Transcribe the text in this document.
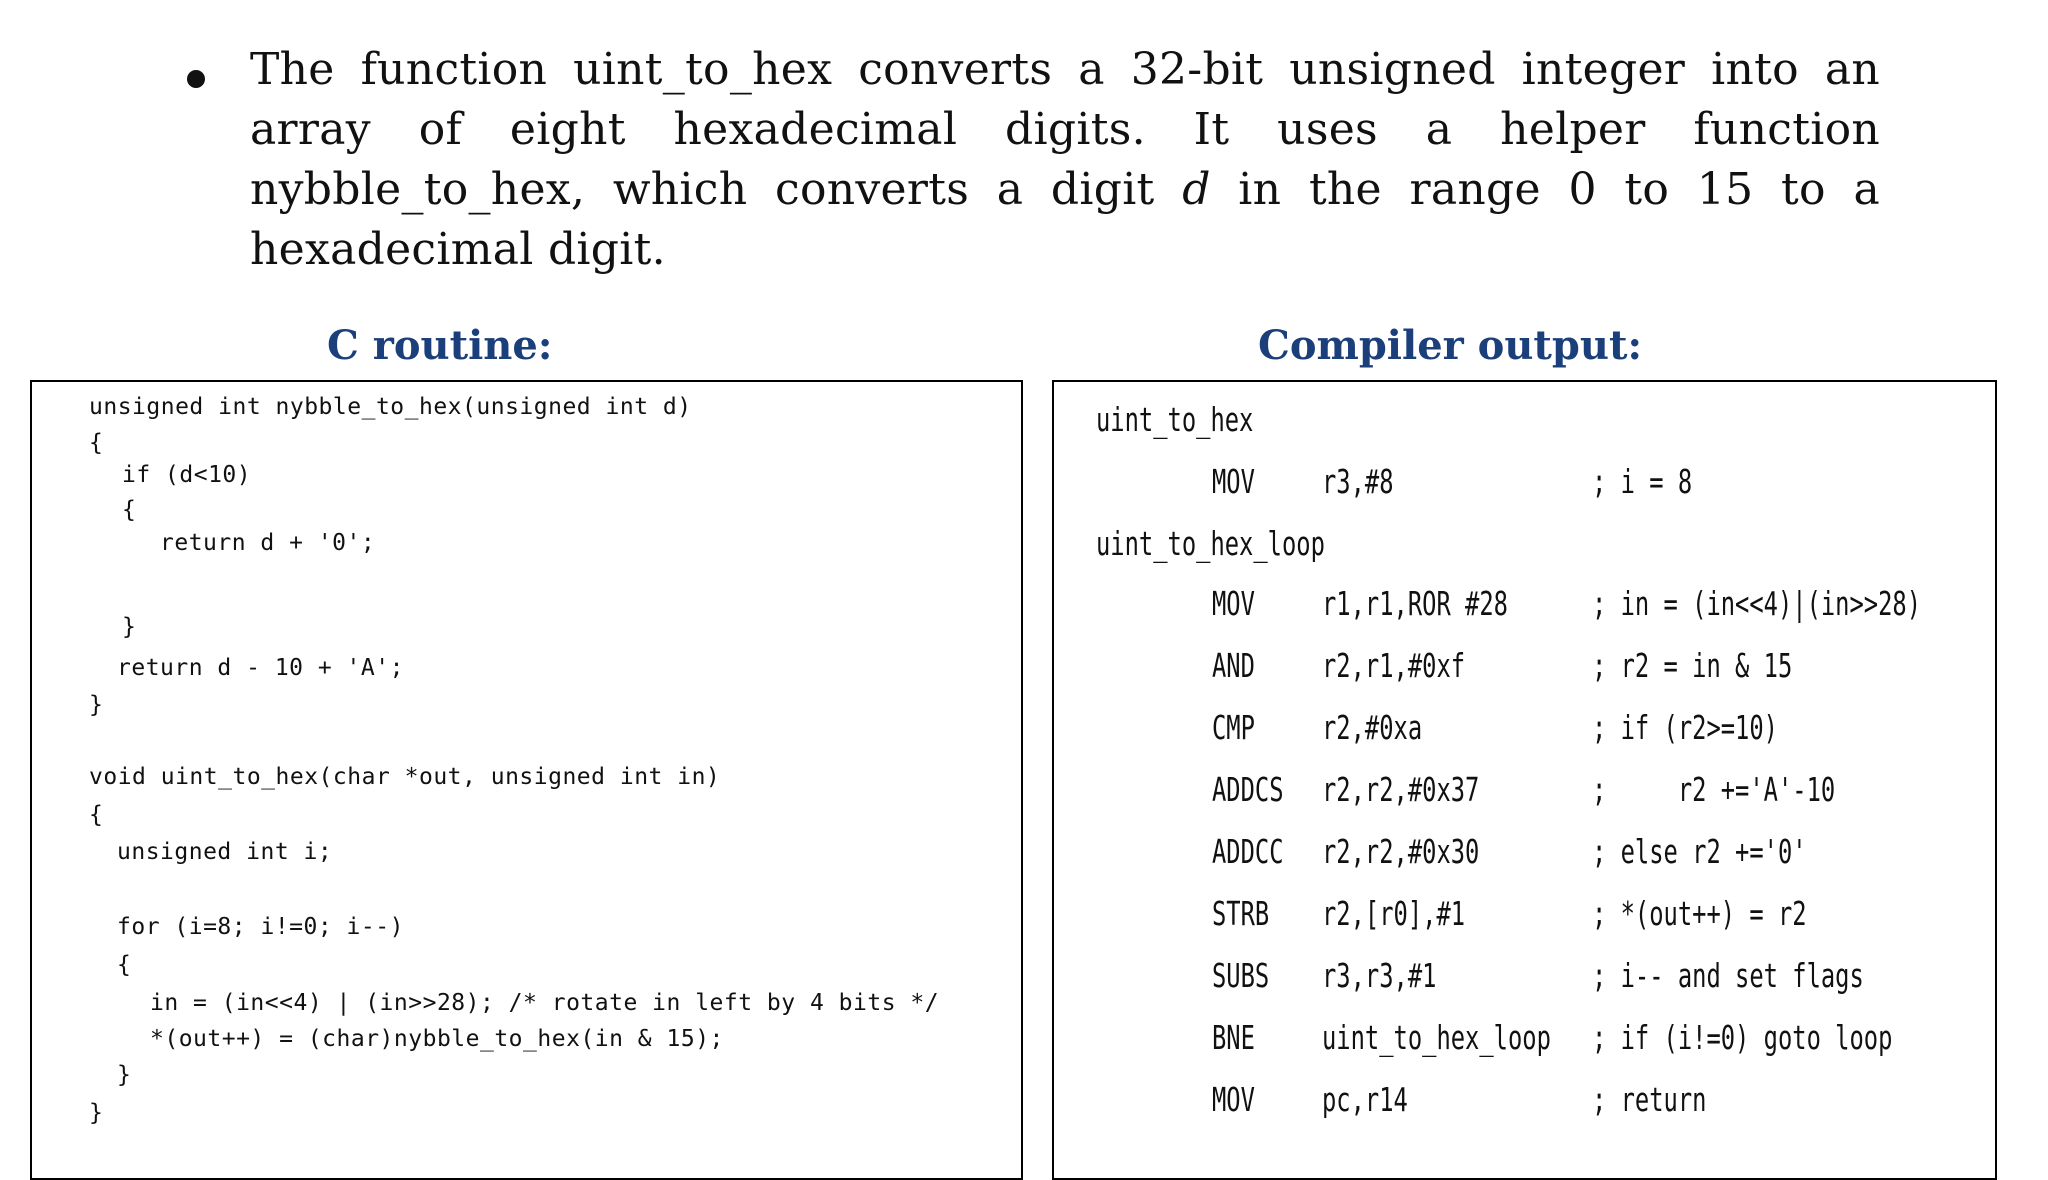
The function uint_to_hex converts a 32-bit unsigned integer into an array of eight hexadecimal digits. It uses a helper function nybble_to_hex, which converts a digit d in the range 0 to 15 to a hexadecimal digit.

C routine:	Compiler output:
unsigned int nybble_to_hex(unsigned int d)
{
if (d<10)
{
return d + '0';
}
return d - 10 + 'A';
}
void uint_to_hex(char *out, unsigned int in)
{
unsigned int i;
for (i=8; i!=0; i--)
{
in = (in<<4) | (in>>28); /* rotate in left by 4 bits */
*(out++) = (char)nybble_to_hex(in & 15);
}
}
uint_to_hex
uint_to_hex_loop
MOV r3,#8	; i = 8
MOV r1,r1,ROR #28	; in = (in<<4)|(in>>28)
AND r2,r1,#0xf	; r2 = in & 15
CMP r2,#0xa	; if (r2>=10)
ADDCS r2,r2,#0x37	;     r2 +='A'-10
ADDCC r2,r2,#0x30	; else r2 +='0'
STRB r2,[r0],#1	; *(out++) = r2
SUBS r3,r3,#1	; i-- and set flags
BNE uint_to_hex_loop ; if (i!=0) goto loop
MOV pc,r14	; return
